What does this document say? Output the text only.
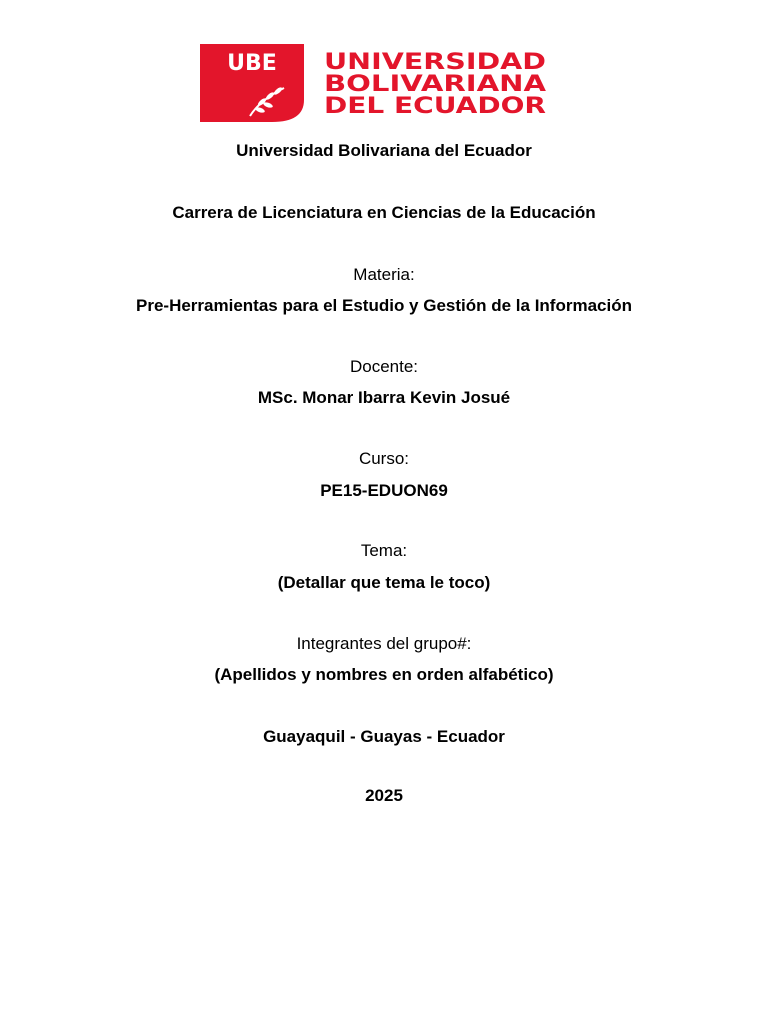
UBE UNIVERSIDAD
BOLIVARIANA
DEL ECUADOR
Universidad Bolivariana del Ecuador
Carrera de Licenciatura en Ciencias de la Educación
Materia:
Pre-Herramientas para el Estudio y Gestión de la Información
Docente:
MSc. Monar Ibarra Kevin Josué
Curso:
PE15-EDUON69
Tema:
(Detallar que tema le toco)
Integrantes del grupo#:
(Apellidos y nombres en orden alfabético)
Guayaquil - Guayas - Ecuador
2025
